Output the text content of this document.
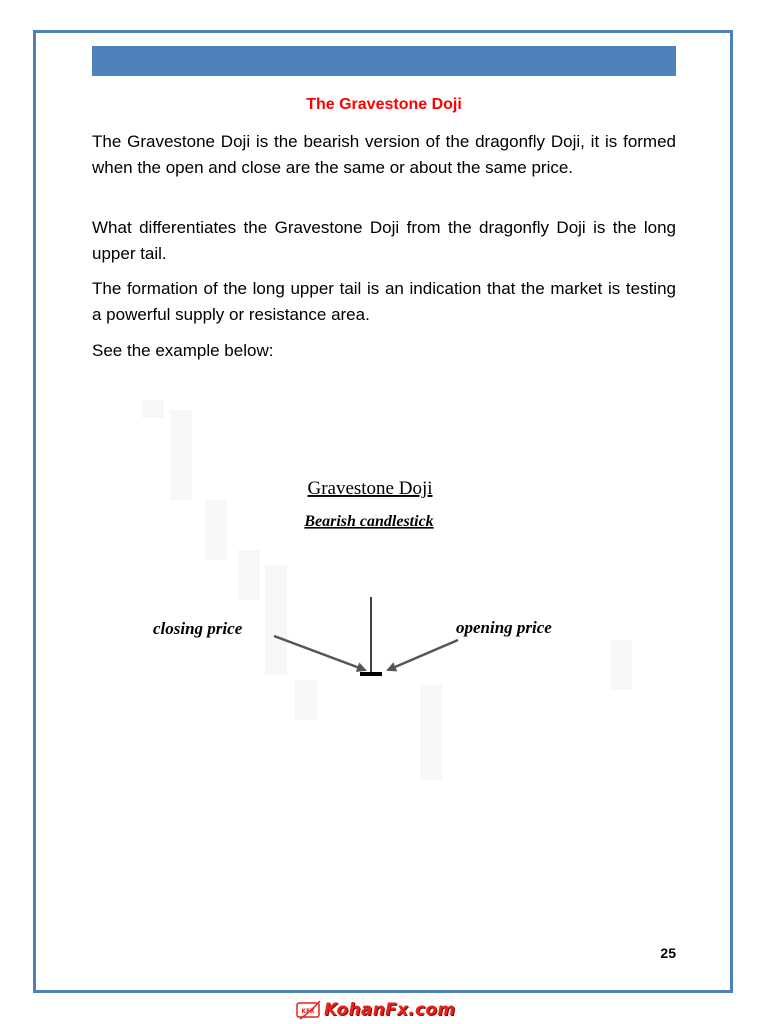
The Gravestone Doji

The Gravestone Doji is the bearish version of the dragonfly Doji, it is formed when the open and close are the same or about the same price.

What differentiates the Gravestone Doji from the dragonfly Doji is the long upper tail.

The formation of the long upper tail is an indication that the market is testing a powerful supply or resistance area.

See the example below:

Gravestone Doji
Bearish candlestick
closing price	opening price
25
KFX KohanFx.com
